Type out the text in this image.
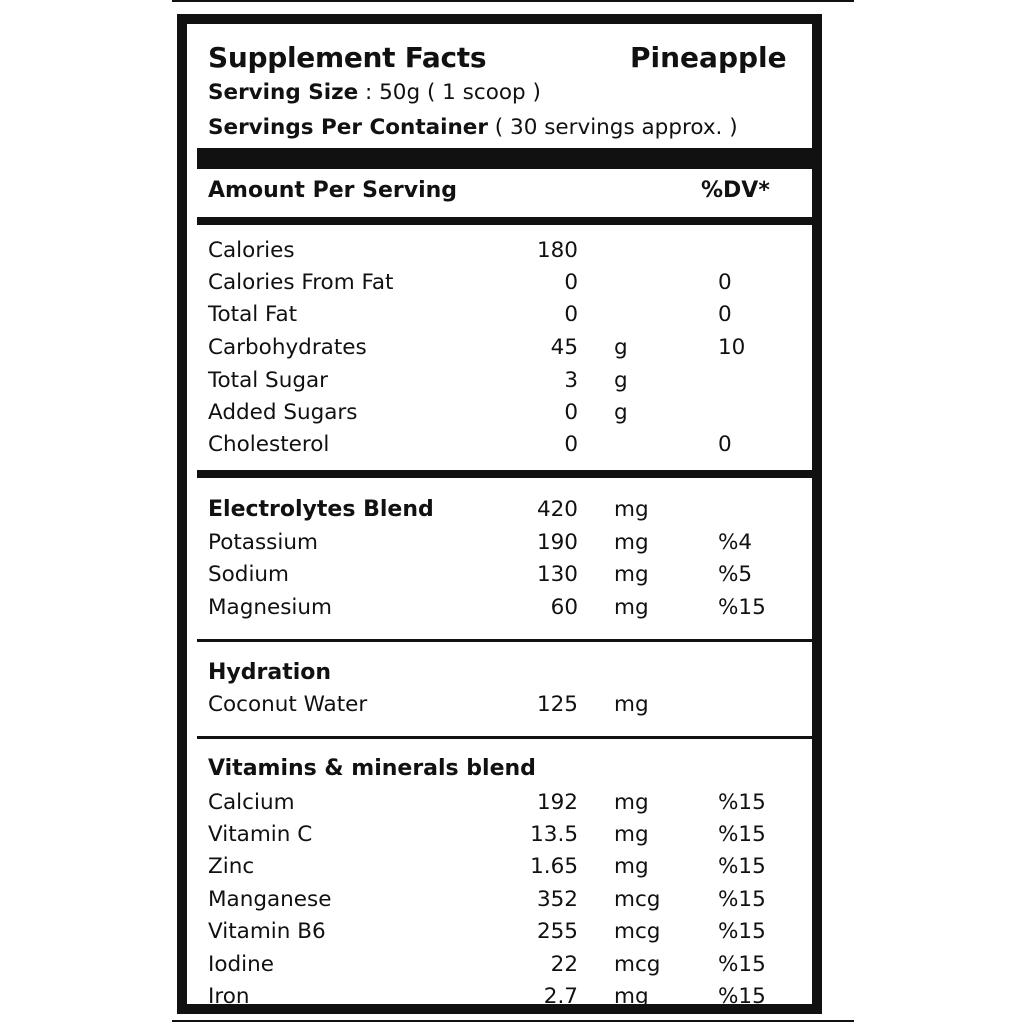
Supplement Facts	Pineapple
Serving Size : 50g ( 1 scoop )
Servings Per Container ( 30 servings approx. )
Amount Per Serving	%DV*
Calories	180
Calories From Fat	0	0
Total Fat	0	0
Carbohydrates	45 g	10
Total Sugar	3 g
Added Sugars	0 g
Cholesterol	0	0
Electrolytes Blend	420 mg
Potassium	190 mg	%4
Sodium	130 mg	%5
Magnesium	60 mg	%15
Hydration
Coconut Water	125 mg
Vitamins & minerals blend
Calcium	192 mg	%15
Vitamin C	13.5 mg	%15
Zinc	1.65 mg	%15
Manganese	352 mcg	%15
Vitamin B6	255 mcg	%15
Iodine	22 mcg	%15
Iron	2.7 mg	%15
